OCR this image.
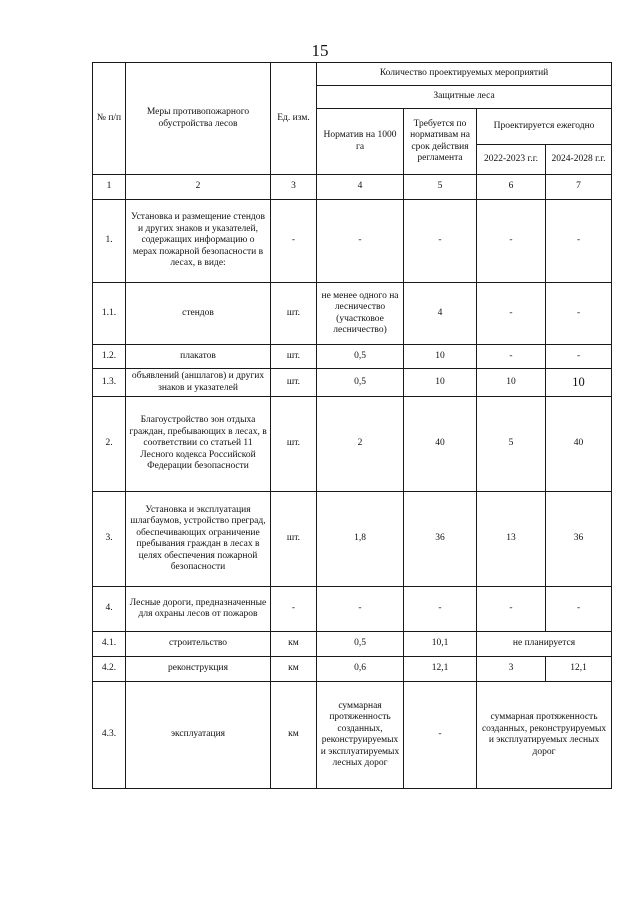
15
№ п/п	Меры противопожарного обустройства лесов	Ед. изм.	Количество проектируемых мероприятий			
			Защитные леса			
			Норматив на 1000 га	Требуется по нормативам на срок действия регламента	Проектируется ежегодно	
					2022-2023 г.г.	2024-2028 г.г.
1	2	3	4	5	6	7
1.	Установка и размещение стендов и других знаков и указателей, содержащих информацию о мерах пожарной безопасности в лесах, в виде:	-	-	-	-	-
1.1.	стендов	шт.	не менее одного на лесничество (участковое лесничество)	4	-	-
1.2.	плакатов	шт.	0,5	10	-	-
1.3.	объявлений (аншлагов) и других знаков и указателей	шт.	0,5	10	10	10
2.	Благоустройство зон отдыха граждан, пребывающих в лесах, в соответствии со статьей 11 Лесного кодекса Российской Федерации безопасности	шт.	2	40	5	40
3.	Установка и эксплуатация шлагбаумов, устройство преград, обеспечивающих ограничение пребывания граждан в лесах в целях обеспечения пожарной безопасности	шт.	1,8	36	13	36
4.	Лесные дороги, предназначенные для охраны лесов от пожаров	-	-	-	-	-
4.1.	строительство	км	0,5	10,1	не планируется	
4.2.	реконструкция	км	0,6	12,1	3	12,1
4.3.	эксплуатация	км	суммарная протяженность созданных, реконструируемых и эксплуатируемых лесных дорог	-	суммарная протяженность созданных, реконструируемых и эксплуатируемых лесных дорог	
